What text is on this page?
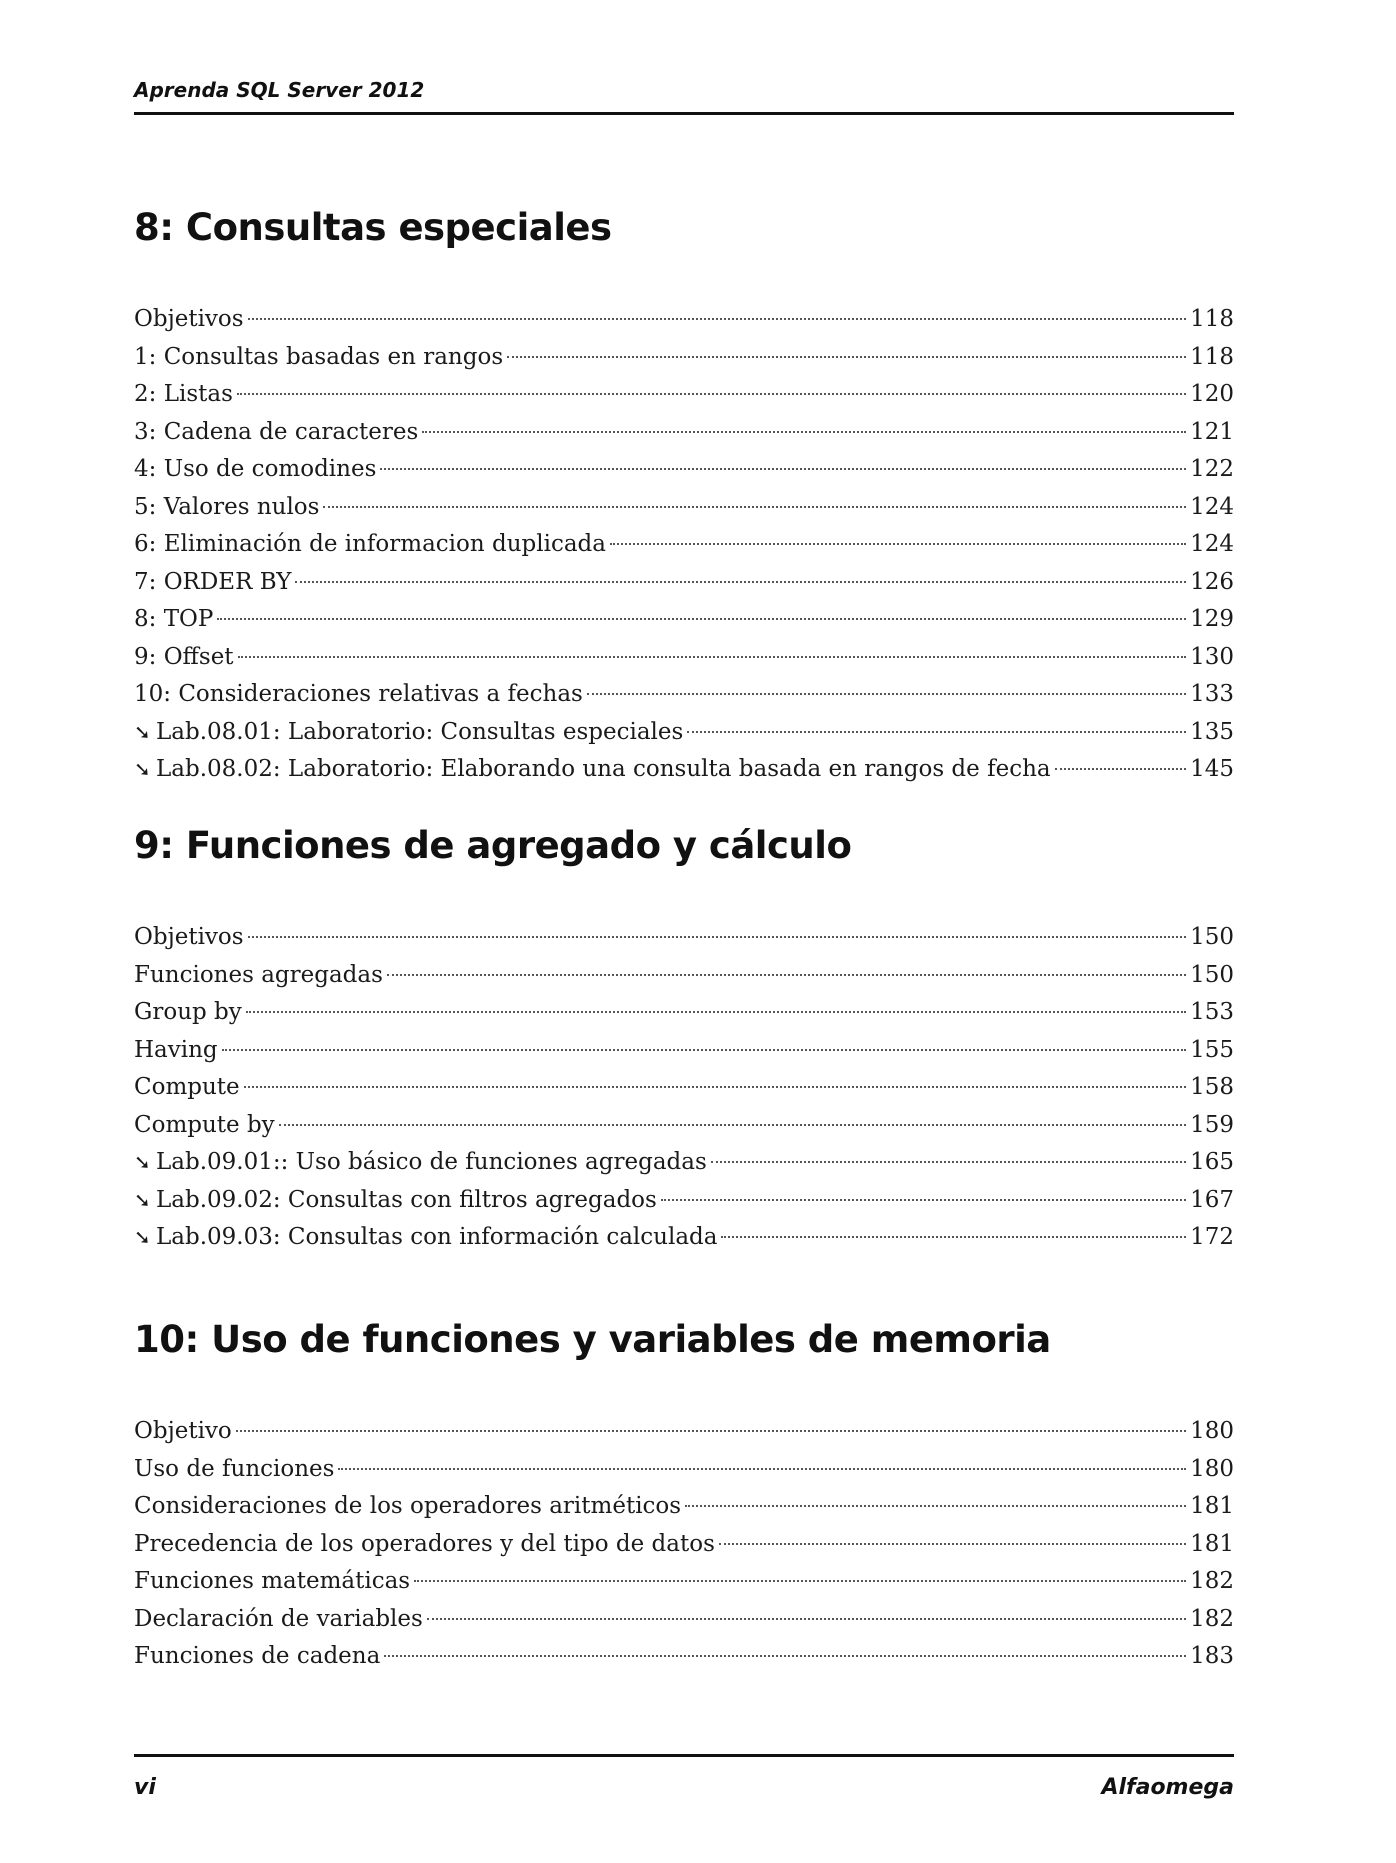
Aprenda SQL Server 2012
8: Consultas especiales
Objetivos	118
1: Consultas basadas en rangos	118
2: Listas	120
3: Cadena de caracteres	121
4: Uso de comodines	122
5: Valores nulos	124
6: Eliminación de informacion duplicada	124
7: ORDER BY	126
8: TOP	129
9: Offset	130
10: Consideraciones relativas a fechas	133
➘ Lab.08.01: Laboratorio: Consultas especiales	135
➘ Lab.08.02: Laboratorio: Elaborando una consulta basada en rangos de fecha	145
9: Funciones de agregado y cálculo
Objetivos	150
Funciones agregadas	150
Group by	153
Having	155
Compute	158
Compute by	159
➘ Lab.09.01:: Uso básico de funciones agregadas	165
➘ Lab.09.02: Consultas con filtros agregados	167
➘ Lab.09.03: Consultas con información calculada	172
10: Uso de funciones y variables de memoria
Objetivo	180
Uso de funciones	180
Consideraciones de los operadores aritméticos	181
Precedencia de los operadores y del tipo de datos	181
Funciones matemáticas	182
Declaración de variables	182
Funciones de cadena	183
vi	Alfaomega
